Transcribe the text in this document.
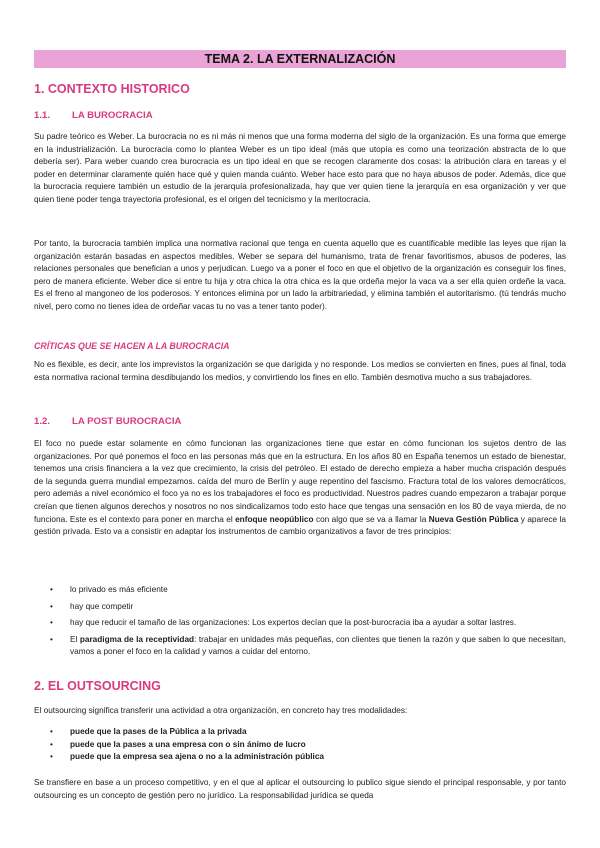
TEMA 2. LA EXTERNALIZACIÓN
1. CONTEXTO HISTORICO
1.1. LA BUROCRACIA

Su padre teórico es Weber. La burocracia no es ni más ni menos que una forma moderna del siglo de la organización. Es una forma que emerge en la industrialización. La burocracia como lo plantea Weber es un tipo ideal (más que utopía es como una teorización abstracta de lo que debería ser). Para weber cuando crea burocracia es un tipo ideal en que se recogen claramente dos cosas: la atribución clara en tareas y el poder en determinar claramente quién hace qué y quien manda cuánto. Weber hace esto para que no haya abusos de poder. Además, dice que la burocracia requiere también un estudio de la jerarquía profesionalizada, hay que ver quien tiene la jerarquía en esa organización y ver que quien tiene poder tenga trayectoria profesional, es el origen del tecnicismo y la meritocracia.

Por tanto, la burocracia también implica una normativa racional que tenga en cuenta aquello que es cuantificable medible las leyes que rijan la organización estarán basadas en aspectos medibles. Weber se separa del humanismo, trata de frenar favoritismos, abusos de poderes, las relaciones personales que benefician a unos y perjudican. Luego va a poner el foco en que el objetivo de la organización es conseguir los fines, pero de manera eficiente. Weber dice si entre tu hija y otra chica la otra chica es la que ordeña mejor la vaca va a ser ella quien ordeñe la vaca. Es el freno al mangoneo de los poderosos. Y entonces elimina por un lado la arbitrariedad, y elimina también el autoritarismo. (tú tendrás mucho nivel, pero como no tienes idea de ordeñar vacas tu no vas a tener tanto poder).

CRÍTICAS QUE SE HACEN A LA BUROCRACIA

No es flexible, es decir, ante los imprevistos la organización se que darígida y no responde. Los medios se convierten en fines, pues al final, toda esta normativa racional termina desdibujando los medios, y convirtiendo los fines en ello. También desmotiva mucho a sus trabajadores.

1.2. LA POST BUROCRACIA

El foco no puede estar solamente en cómo funcionan las organizaciones tiene que estar en cómo funcionan los sujetos dentro de las organizaciones. Por qué ponemos el foco en las personas más que en la estructura. En los años 80 en España tenemos un estado de bienestar, tenemos una crisis financiera a la vez que crecimiento, la crisis del petróleo. El estado de derecho empieza a haber mucha crispación después de la segunda guerra mundial empezamos. caída del muro de Berlín y auge repentino del fascismo. Fractura total de los valores democráticos, pero además a nivel económico el foco ya no es los trabajadores el foco es productividad. Nuestros padres cuando empezaron a trabajar porque creían que tienen algunos derechos y nosotros no nos sindicalizamos todo esto hace que tengas una sensación en los 80 de vaya mierda, de no funciona. Este es el contexto para poner en marcha el enfoque neopúblico con algo que se va a llamar la Nueva Gestión Pública y aparece la gestión privada. Esto va a consistir en adaptar los instrumentos de cambio organizativos a favor de tres principios:

• lo privado es más eficiente
• hay que competir
• hay que reducir el tamaño de las organizaciones: Los expertos decían que la post-burocracia iba a ayudar a soltar lastres.
• El paradigma de la receptividad: trabajar en unidades más pequeñas, con clientes que tienen la razón y que saben lo que necesitan, vamos a poner el foco en la calidad y vamos a cuidar del entorno.
2. EL OUTSOURCING

El outsourcing significa transferir una actividad a otra organización, en concreto hay tres modalidades:

• puede que la pases de la Pública a la privada
• puede que la pases a una empresa con o sin ánimo de lucro
• puede que la empresa sea ajena o no a la administración pública

Se transfiere en base a un proceso competitivo, y en el que al aplicar el outsourcing lo publico sigue siendo el principal responsable, y por tanto outsourcing es un concepto de gestión pero no jurídico. La responsabilidad jurídica se queda
